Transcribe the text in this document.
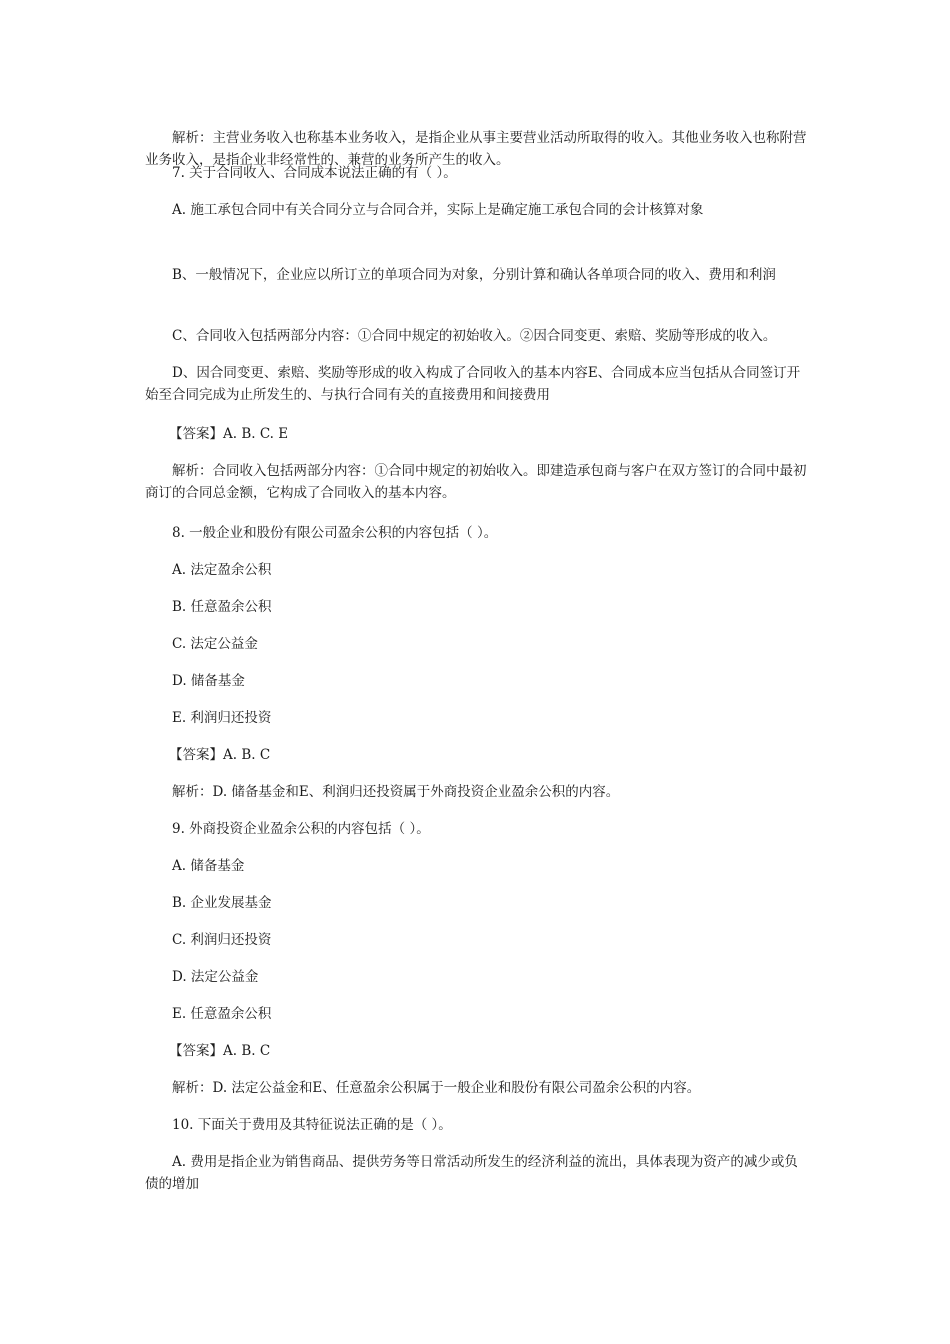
解析：主营业务收入也称基本业务收入，是指企业从事主要营业活动所取得的收入。其他业务收入也称附营业务收入，是指企业非经常性的、兼营的业务所产生的收入。

7. 关于合同收入、合同成本说法正确的有（ ）。

A. 施工承包合同中有关合同分立与合同合并，实际上是确定施工承包合同的会计核算对象

B、一般情况下，企业应以所订立的单项合同为对象，分别计算和确认各单项合同的收入、费用和利润

C、合同收入包括两部分内容：①合同中规定的初始收入。②因合同变更、索赔、奖励等形成的收入。

D、因合同变更、索赔、奖励等形成的收入构成了合同收入的基本内容E、合同成本应当包括从合同签订开始至合同完成为止所发生的、与执行合同有关的直接费用和间接费用

【答案】A. B. C. E

解析：合同收入包括两部分内容：①合同中规定的初始收入。即建造承包商与客户在双方签订的合同中最初商订的合同总金额，它构成了合同收入的基本内容。

8. 一般企业和股份有限公司盈余公积的内容包括（ ）。

A. 法定盈余公积

B. 任意盈余公积

C. 法定公益金

D. 储备基金

E. 利润归还投资

【答案】A. B. C

解析：D. 储备基金和E、利润归还投资属于外商投资企业盈余公积的内容。

9. 外商投资企业盈余公积的内容包括（ ）。

A. 储备基金

B. 企业发展基金

C. 利润归还投资

D. 法定公益金

E. 任意盈余公积

【答案】A. B. C

解析：D. 法定公益金和E、任意盈余公积属于一般企业和股份有限公司盈余公积的内容。

10. 下面关于费用及其特征说法正确的是（ ）。

A. 费用是指企业为销售商品、提供劳务等日常活动所发生的经济利益的流出，具体表现为资产的减少或负债的增加
